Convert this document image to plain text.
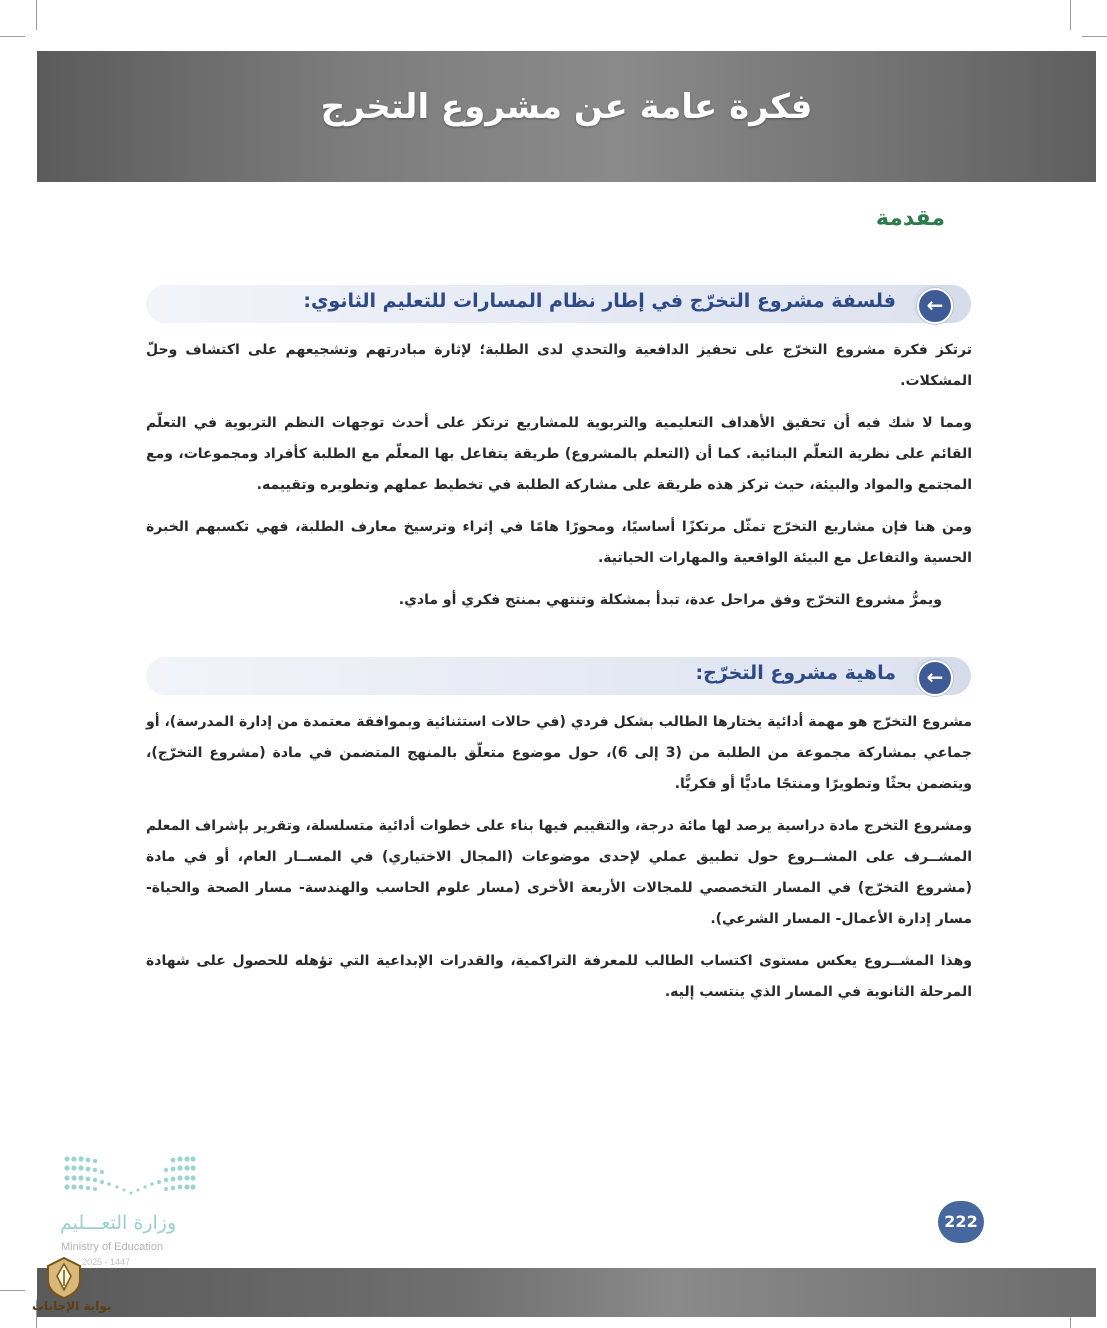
فكرة عامة عن مشروع التخرج
مقدمة
←
فلسفة مشروع التخرّج في إطار نظام المسارات للتعليم الثانوي:
ترتكز فكرة مشروع التخرّج على تحفيز الدافعية والتحدي لدى الطلبة؛ لإثارة مبادرتهم وتشجيعهم على اكتشاف وحلّ المشكلات.
ومما لا شك فيه أن تحقيق الأهداف التعليمية والتربوية للمشاريع ترتكز على أحدث توجهات النظم التربوية في التعلّم القائم على نظرية التعلّم البنائية. كما أن (التعلم بالمشروع) طريقة يتفاعل بها المعلّم مع الطلبة كأفراد ومجموعات، ومع المجتمع والمواد والبيئة، حيث تركز هذه طريقة على مشاركة الطلبة في تخطيط عملهم وتطويره وتقييمه.
ومن هنا فإن مشاريع التخرّج تمثّل مرتكزًا أساسيًا، ومحورًا هامًا في إثراء وترسيخ معارف الطلبة، فهي تكسبهم الخبرة الحسية والتفاعل مع البيئة الواقعية والمهارات الحياتية.
ويمرُّ مشروع التخرّج وفق مراحل عدة، تبدأ بمشكلة وتنتهي بمنتج فكري أو مادي.
←
ماهية مشروع التخرّج:
مشروع التخرّج هو مهمة أدائية يختارها الطالب بشكل فردي (في حالات استثنائية وبموافقة معتمدة من إدارة المدرسة)، أو جماعي بمشاركة مجموعة من الطلبة من (3 إلى 6)، حول موضوع متعلّق بالمنهج المتضمن في مادة (مشروع التخرّج)، ويتضمن بحثًا وتطويرًا ومنتجًا ماديًّا أو فكريًّا.
ومشروع التخرج مادة دراسية يرصد لها مائة درجة، والتقييم فيها بناء على خطوات أدائية متسلسلة، وتقرير بإشراف المعلم المشــرف على المشــروع حول تطبيق عملي لإحدى موضوعات (المجال الاختياري) في المســار العام، أو في مادة (مشروع التخرّج) في المسار التخصصي للمجالات الأربعة الأخرى (مسار علوم الحاسب والهندسة- مسار الصحة والحياة- مسار إدارة الأعمال- المسار الشرعي).
وهذا المشــروع يعكس مستوى اكتساب الطالب للمعرفة التراكمية، والقدرات الإبداعية التي تؤهله للحصول على شهادة المرحلة الثانوية في المسار الذي ينتسب إليه.
وزارة التعـــليم
Ministry of Education
2025 - 1447
222
بوابة الإجابات
